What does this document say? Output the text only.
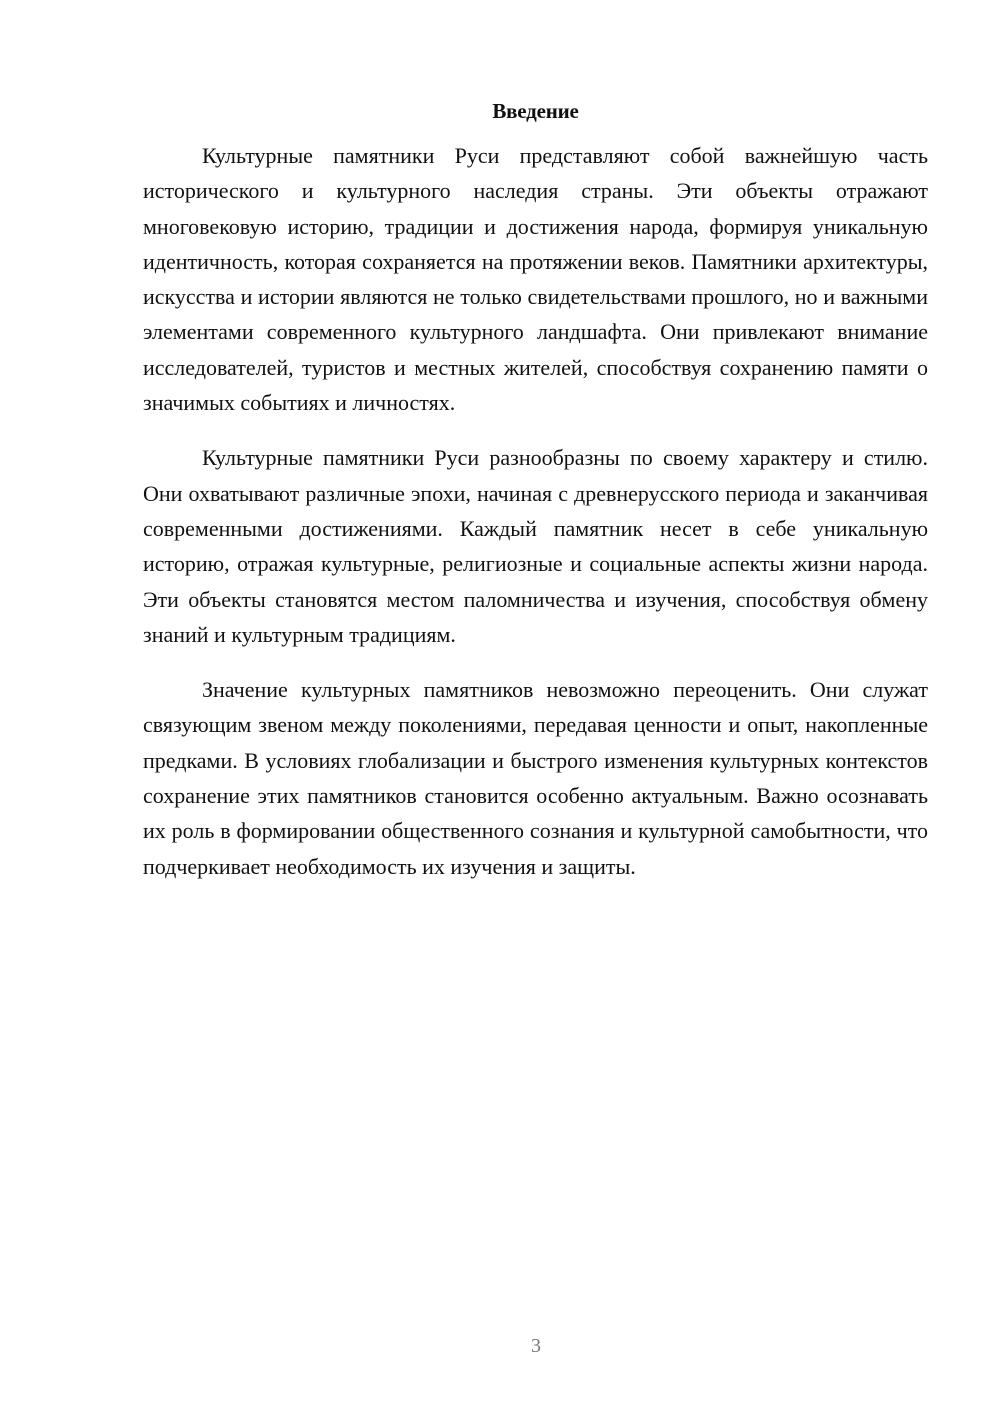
Введение

Культурные памятники Руси представляют собой важнейшую часть исторического и культурного наследия страны. Эти объекты отражают многовековую историю, традиции и достижения народа, формируя уникальную идентичность, которая сохраняется на протяжении веков. Памятники архитектуры, искусства и истории являются не только свидетельствами прошлого, но и важными элементами современного культурного ландшафта. Они привлекают внимание исследователей, туристов и местных жителей, способствуя сохранению памяти о значимых событиях и личностях.

Культурные памятники Руси разнообразны по своему характеру и стилю. Они охватывают различные эпохи, начиная с древнерусского периода и заканчивая современными достижениями. Каждый памятник несет в себе уникальную историю, отражая культурные, религиозные и социальные аспекты жизни народа. Эти объекты становятся местом паломничества и изучения, способствуя обмену знаний и культурным традициям.

Значение культурных памятников невозможно переоценить. Они служат связующим звеном между поколениями, передавая ценности и опыт, накопленные предками. В условиях глобализации и быстрого изменения культурных контекстов сохранение этих памятников становится особенно актуальным. Важно осознавать их роль в формировании общественного сознания и культурной самобытности, что подчеркивает необходимость их изучения и защиты.

3
